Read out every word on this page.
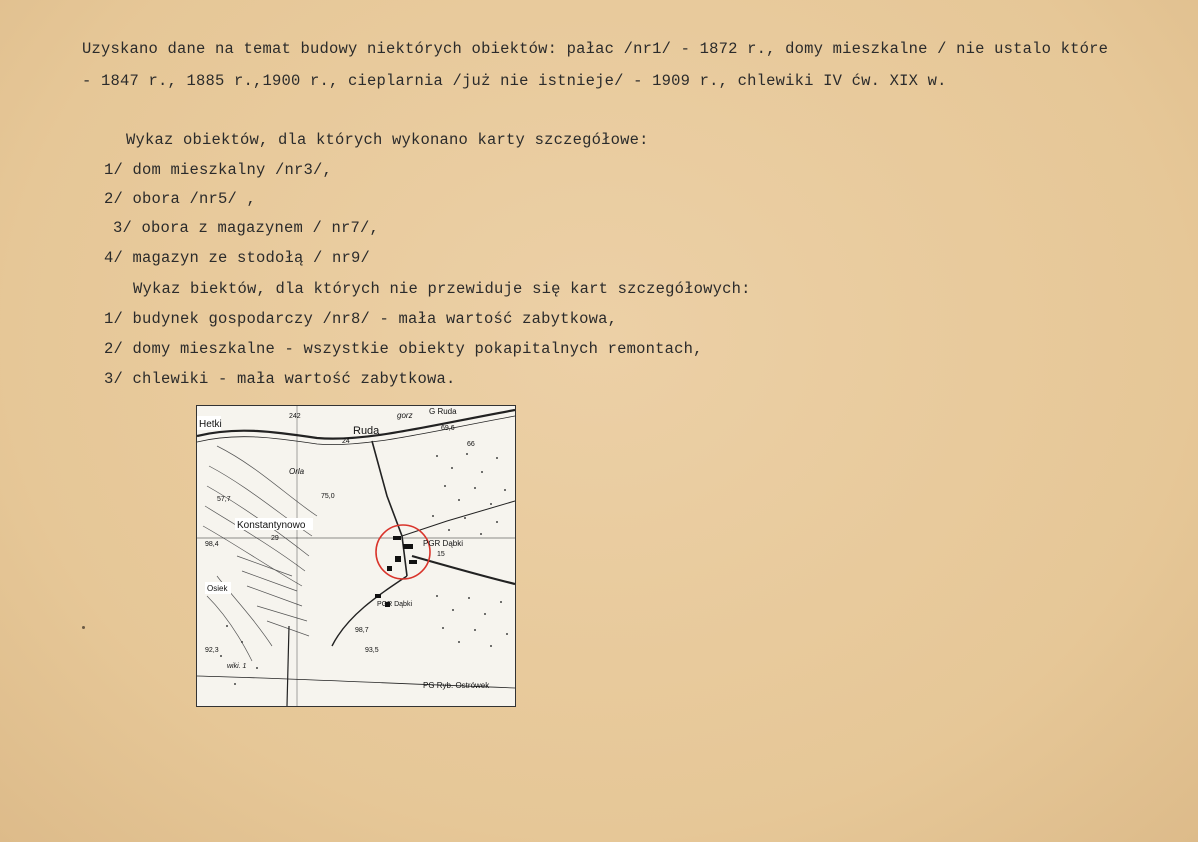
Uzyskano dane na temat budowy niektórych obiektów: pałac /nr1/ - 1872 r., domy mieszkalne / nie ustalo które
- 1847 r., 1885 r.,1900 r., cieplarnia /już nie istnieje/ - 1909 r., chlewiki IV ćw. XIX w.
Wykaz obiektów, dla których wykonano karty szczegółowe:
1/ dom mieszkalny /nr3/,
2/ obora /nr5/ ,
3/ obora z magazynem / nr7/,
4/ magazyn ze stodołą / nr9/
Wykaz biektów, dla których nie przewiduje się kart szczegółowych:
1/ budynek gospodarczy /nr8/ - mała wartość zabytkowa,
2/ domy mieszkalne - wszystkie obiekty pokapitalnych remontach,
3/ chlewiki - mała wartość zabytkowa.
Hetki
Ruda
24
G Ruda
gorz
242
69,6
66
Orla
75,0
57,7
Konstantynowo
29
98,4	PGR Dąbki
15
Osiek
PGR Dąbki
98,7
93,5
92,3
wiki. 1
PG Ryb. Ostrówek
